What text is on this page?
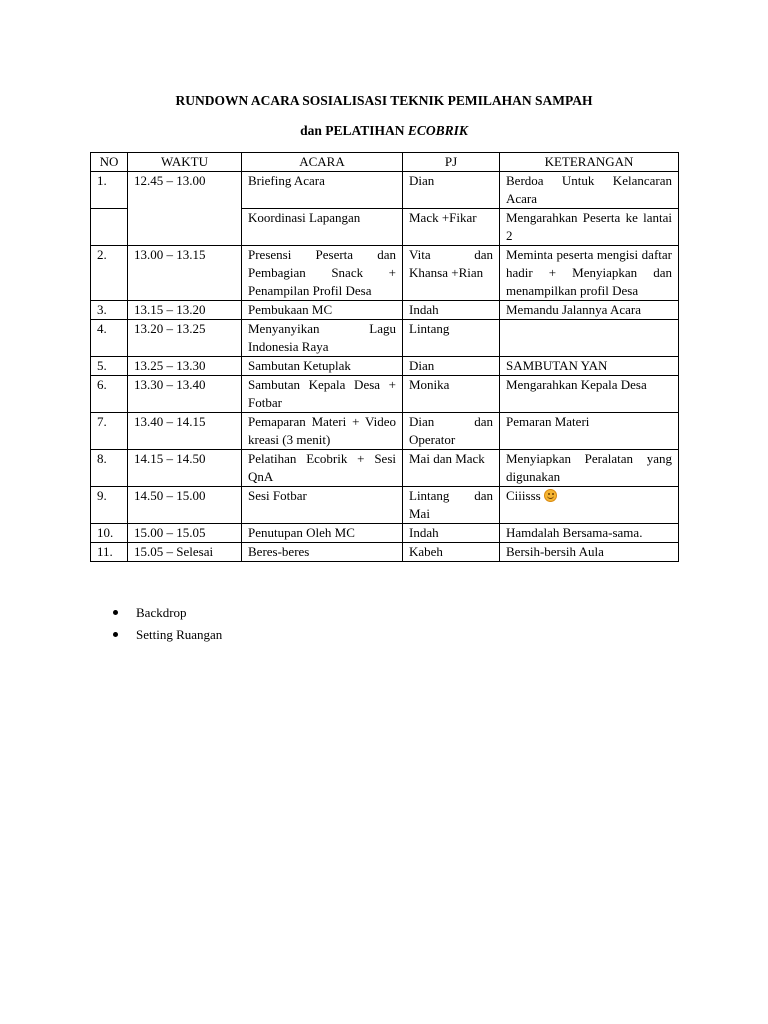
RUNDOWN ACARA SOSIALISASI TEKNIK PEMILAHAN SAMPAH
dan PELATIHAN ECOBRIK
NO	WAKTU	ACARA	PJ	KETERANGAN
1.	12.45 – 13.00	Briefing Acara	Dian	Berdoa Untuk Kelancaran Acara
		Koordinasi Lapangan	Mack +Fikar	Mengarahkan Peserta ke lantai 2
2.	13.00 – 13.15	Presensi Peserta dan Pembagian Snack + Penampilan Profil Desa	Vita dan Khansa +Rian	Meminta peserta mengisi daftar hadir + Menyiapkan dan menampilkan profil Desa
3.	13.15 – 13.20	Pembukaan MC	Indah	Memandu Jalannya Acara
4.	13.20 – 13.25	Menyanyikan Lagu Indonesia Raya	Lintang	
5.	13.25 – 13.30	Sambutan Ketuplak	Dian	SAMBUTAN YAN
6.	13.30 – 13.40	Sambutan Kepala Desa + Fotbar	Monika	Mengarahkan Kepala Desa
7.	13.40 – 14.15	Pemaparan Materi + Video kreasi (3 menit)	Dian dan Operator	Pemaran Materi
8.	14.15 – 14.50	Pelatihan Ecobrik + Sesi QnA	Mai dan Mack	Menyiapkan Peralatan yang digunakan
9.	14.50 – 15.00	Sesi Fotbar	Lintang dan Mai	Ciiisss
10.	15.00 – 15.05	Penutupan Oleh MC	Indah	Hamdalah Bersama-sama.
11.	15.05 – Selesai	Beres-beres	Kabeh	Bersih-bersih Aula
Backdrop
Setting Ruangan
